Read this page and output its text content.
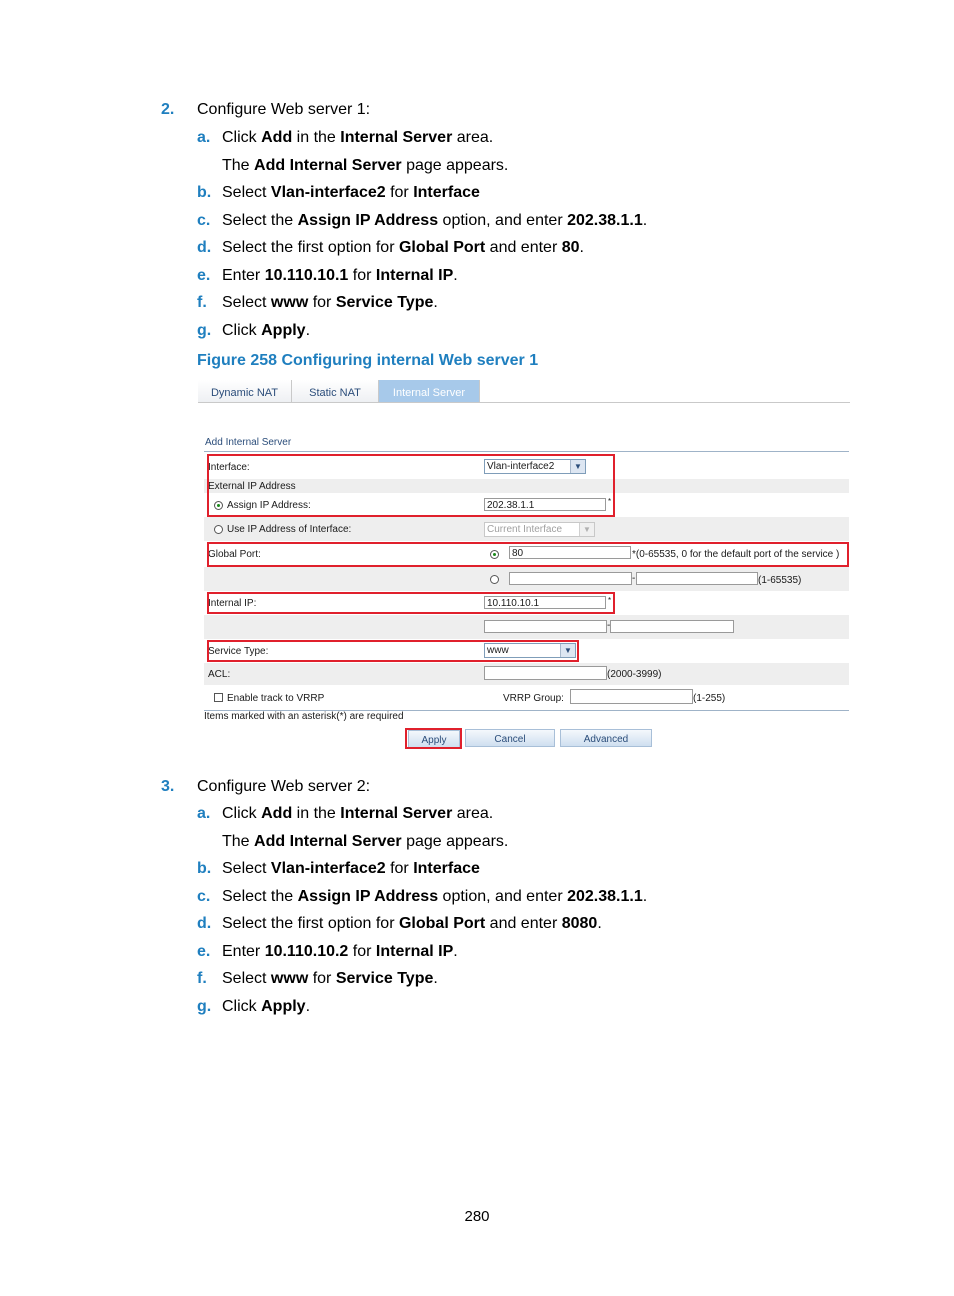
2. Configure Web server 1:
a. Click Add in the Internal Server area.
The Add Internal Server page appears.
b. Select Vlan-interface2 for Interface
c. Select the Assign IP Address option, and enter 202.38.1.1.
d. Select the first option for Global Port and enter 80.
e. Enter 10.110.10.1 for Internal IP.
f. Select www for Service Type.
g. Click Apply.
Figure 258 Configuring internal Web server 1
Dynamic NAT	Static NAT	Internal Server
Add Internal Server
Interface:	Vlan-interface2	▼
External IP Address
Assign IP Address:	202.38.1.1	*
Use IP Address of Interface:	Current Interface	▼
Global Port:	80	*(0-65535, 0 for the default port of the service )
-	(1-65535)
Internal IP:	10.110.10.1	*
-
Service Type:	www	▼
ACL:	(2000-3999)
Enable track to VRRP	VRRP Group:	(1-255)
Items marked with an asterisk(*) are required
Apply	Cancel	Advanced
3. Configure Web server 2:
a. Click Add in the Internal Server area.
The Add Internal Server page appears.
b. Select Vlan-interface2 for Interface
c. Select the Assign IP Address option, and enter 202.38.1.1.
d. Select the first option for Global Port and enter 8080.
e. Enter 10.110.10.2 for Internal IP.
f. Select www for Service Type.
g. Click Apply.
280
